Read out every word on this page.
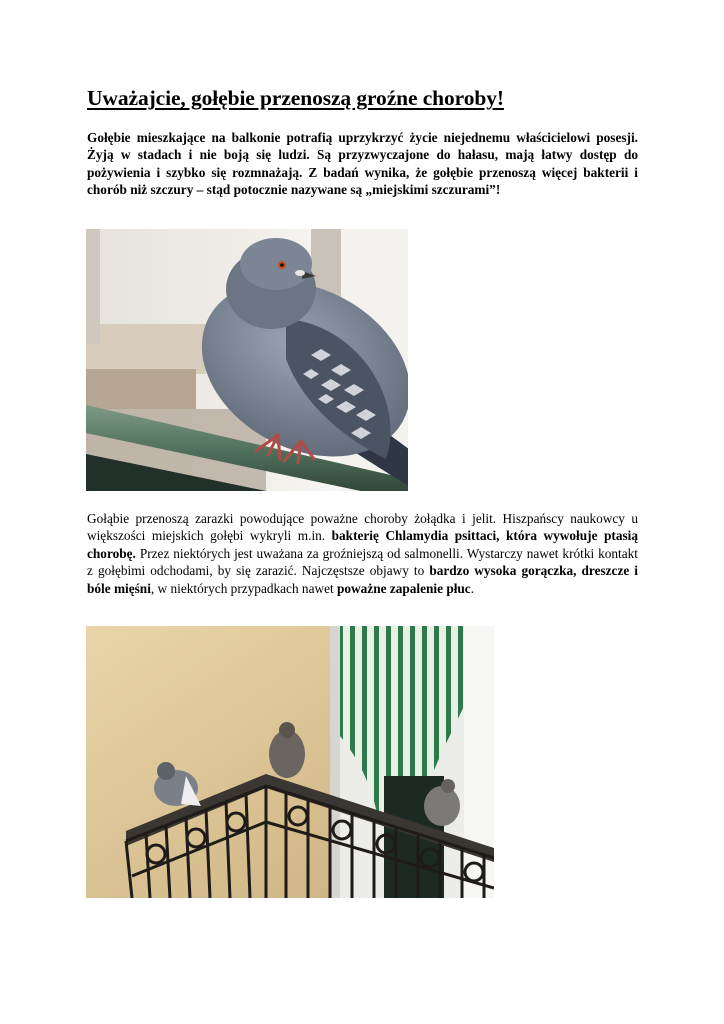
Uważajcie, gołębie przenoszą groźne choroby!

Gołębie mieszkające na balkonie potrafią uprzykrzyć życie niejednemu właścicielowi posesji. Żyją w stadach i nie boją się ludzi. Są przyzwyczajone do hałasu, mają łatwy dostęp do pożywienia i szybko się rozmnażają. Z badań wynika, że gołębie przenoszą więcej bakterii i chorób niż szczury – stąd potocznie nazywane są „miejskimi szczurami”!

Gołąbie przenoszą zarazki powodujące poważne choroby żołądka i jelit. Hiszpańscy naukowcy u większości miejskich gołębi wykryli m.in. bakterię Chlamydia psittaci, która wywołuje ptasią chorobę. Przez niektórych jest uważana za groźniejszą od salmonelli. Wystarczy nawet krótki kontakt z gołębimi odchodami, by się zarazić. Najczęstsze objawy to bardzo wysoka gorączka, dreszcze i bóle mięśni, w niektórych przypadkach nawet poważne zapalenie płuc.
